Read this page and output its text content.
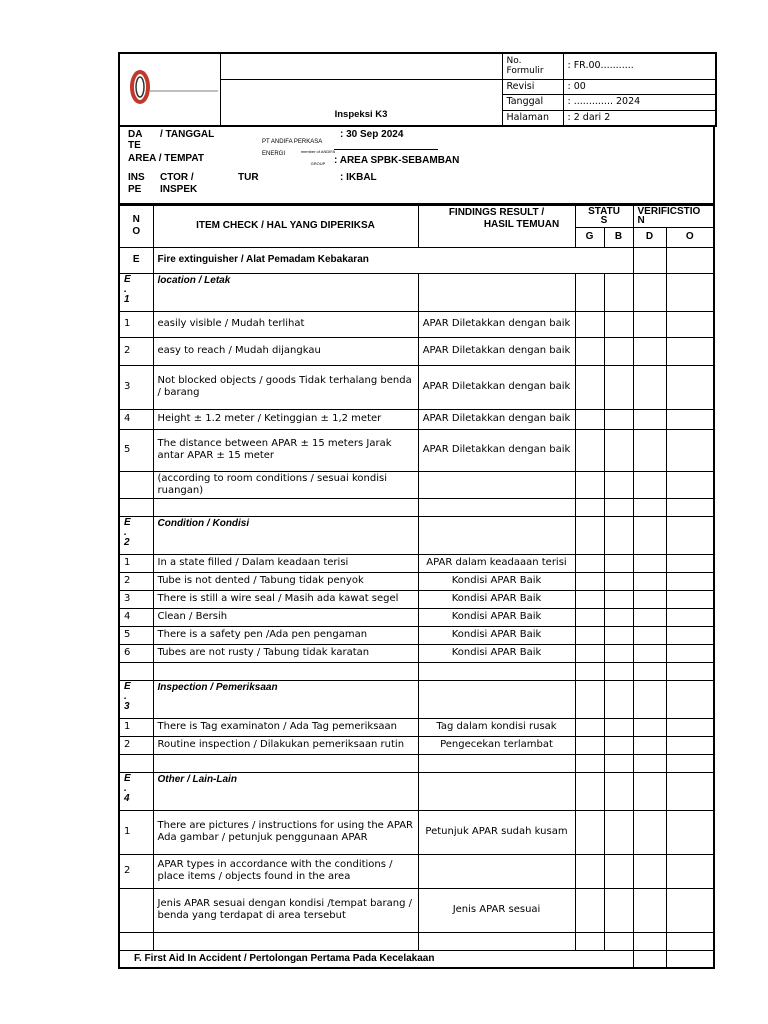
PT ANDIFA PERKASA ENERGI member of ANDIFA GROUP		No. Formulir	: FR.00...........
	Inspeksi K3	Revisi	: 00
		Tanggal	: ............. 2024
		Halaman	: 2 dari 2
DA / TANGGAL
TE
: 30 Sep 2024
AREA / TEMPAT	: AREA SPBK-SEBAMBAN
INS CTOR /	TUR
PE INSPEK
: IKBAL
N
O	ITEM CHECK / HAL YANG DIPERIKSA	FINDINGS RESULT /
HASIL TEMUAN	STATU
S		VERIFICSTIO
N	
			G	B	D	O
E	Fire extinguisher / Alat Pemadam Kebakaran					
E
.
1	location / Letak					
1	easily visible / Mudah terlihat	APAR Diletakkan dengan baik				
2	easy to reach / Mudah dijangkau	APAR Diletakkan dengan baik				
3	Not blocked objects / goods Tidak terhalang benda / barang	APAR Diletakkan dengan baik				
4	Height ± 1.2 meter / Ketinggian ± 1,2 meter	APAR Diletakkan dengan baik				
5	The distance between APAR ± 15 meters Jarak antar APAR ± 15 meter	APAR Diletakkan dengan baik				
	(according to room conditions / sesuai kondisi ruangan)					

E
.
2	Condition / Kondisi					
1	In a state filled / Dalam keadaan terisi	APAR dalam keadaaan terisi				
2	Tube is not dented / Tabung tidak penyok	Kondisi APAR Baik				
3	There is still a wire seal / Masih ada kawat segel	Kondisi APAR Baik				
4	Clean / Bersih	Kondisi APAR Baik				
5	There is a safety pen /Ada pen pengaman	Kondisi APAR Baik				
6	Tubes are not rusty / Tabung tidak karatan	Kondisi APAR Baik				

E
.
3	Inspection / Pemeriksaan					
1	There is Tag examinaton / Ada Tag pemeriksaan	Tag dalam kondisi rusak				
2	Routine inspection / Dilakukan pemeriksaan rutin	Pengecekan terlambat				

E
.
4	Other / Lain-Lain					
1	There are pictures / instructions for using the APAR Ada gambar / petunjuk penggunaan APAR	Petunjuk APAR sudah kusam				
2	APAR types in accordance with the conditions / place items / objects found in the area					
	Jenis APAR sesuai dengan kondisi /tempat barang / benda yang terdapat di area tersebut	Jenis APAR sesuai				

F. First Aid In Accident / Pertolongan Pertama Pada Kecelakaan						
